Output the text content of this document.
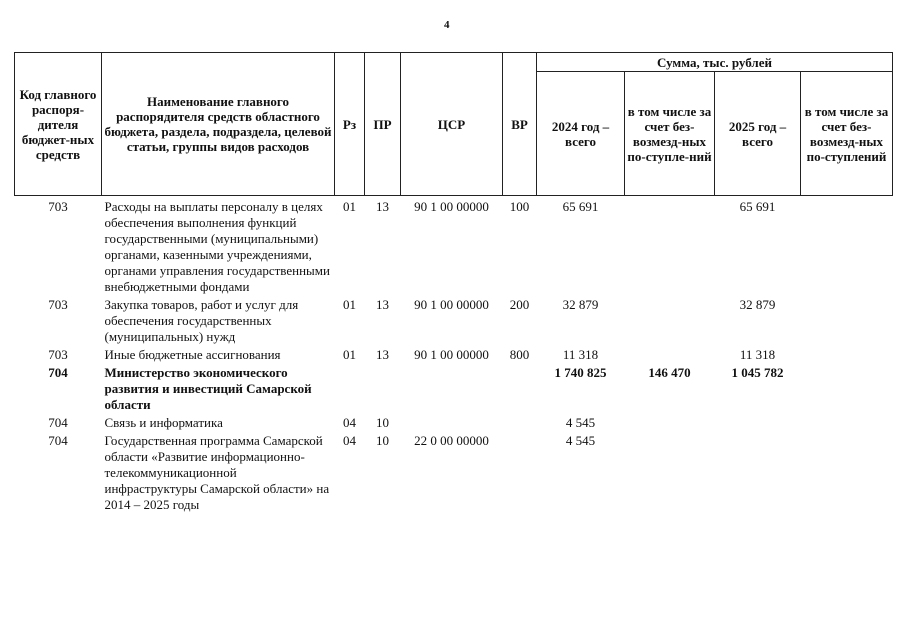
4
Код главного распоря-дителя бюджет-ных средств	Наименование главного распорядителя средств областного бюджета, раздела, подраздела, целевой статьи, группы видов расходов	Рз	ПР	ЦСР	ВР	Сумма, тыс. рублей			
						2024 год – всего	в том числе за счет без-возмезд-ных по-ступле-ний	2025 год – всего	в том числе за счет без-возмезд-ных по-ступлений
703	Расходы на выплаты персоналу в целях обеспечения выполнения функций государственными (муниципальными) органами, казенными учреждениями, органами управления государственными внебюджетными фондами	01	13	90 1 00 00000	100	65 691		65 691	
703	Закупка товаров, работ и услуг для обеспечения государственных (муниципальных) нужд	01	13	90 1 00 00000	200	32 879		32 879	
703	Иные бюджетные ассигнования	01	13	90 1 00 00000	800	11 318		11 318	
704	Министерство экономического развития и инвестиций Самарской области					1 740 825	146 470	1 045 782	
704	Связь и информатика	04	10			4 545			
704	Государственная программа Самарской области «Развитие информационно-телекоммуникационной инфраструктуры Самарской области» на 2014 – 2025 годы	04	10	22 0 00 00000		4 545			
